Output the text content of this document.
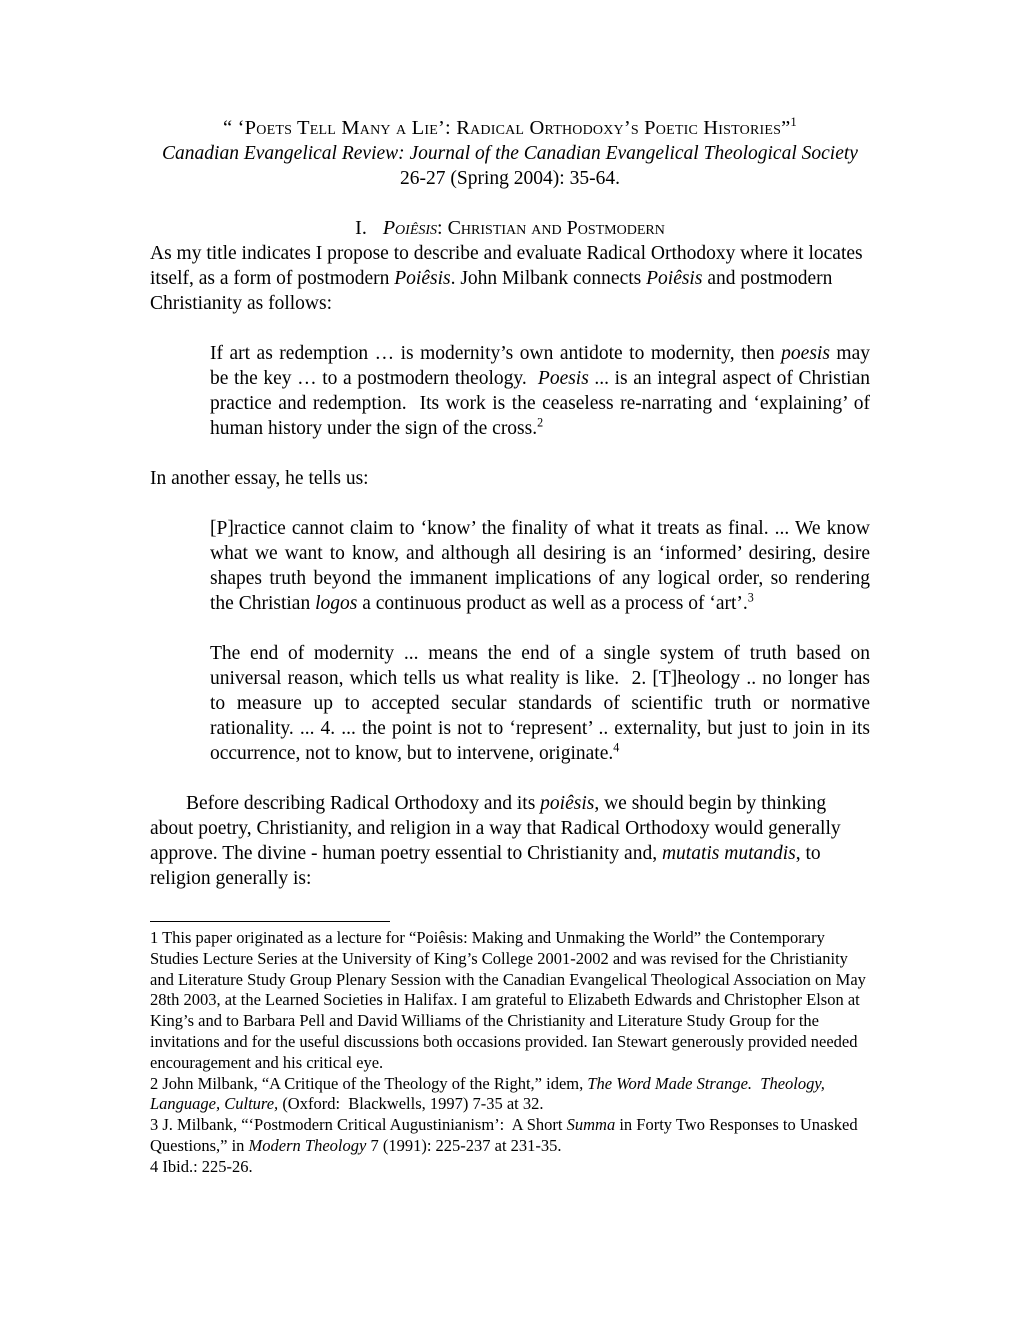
“ ‘Poets Tell Many a Lie’: Radical Orthodoxy’s Poetic Histories”$^1$
Canadian Evangelical Review: Journal of the Canadian Evangelical Theological Society 26-27 (Spring 2004): 35-64.
I. Poiêsis: Christian and Postmodern
As my title indicates I propose to describe and evaluate Radical Orthodoxy where it locates itself, as a form of postmodern Poiêsis. John Milbank connects Poiêsis and postmodern Christianity as follows:
If art as redemption … is modernity’s own antidote to modernity, then poesis may be the key … to a postmodern theology.  Poesis ... is an integral aspect of Christian practice and redemption.  Its work is the ceaseless re-narrating and ‘explaining’ of human history under the sign of the cross.$^2$
In another essay, he tells us:
[P]ractice cannot claim to ‘know’ the finality of what it treats as final. ... We know what we want to know, and although all desiring is an ‘informed’ desiring, desire shapes truth beyond the immanent implications of any logical order, so rendering the Christian logos a continuous product as well as a process of ‘art’.$^3$
The end of modernity ... means the end of a single system of truth based on universal reason, which tells us what reality is like.  2. [T]heology .. no longer has to measure up to accepted secular standards of scientific truth or normative rationality. ... 4. ... the point is not to ‘represent’ .. externality, but just to join in its occurrence, not to know, but to intervene, originate.$^4$
Before describing Radical Orthodoxy and its poiêsis, we should begin by thinking about poetry, Christianity, and religion in a way that Radical Orthodoxy would generally approve. The divine - human poetry essential to Christianity and, mutatis mutandis, to religion generally is:
1 This paper originated as a lecture for “Poiêsis: Making and Unmaking the World” the Contemporary Studies Lecture Series at the University of King’s College 2001-2002 and was revised for the Christianity and Literature Study Group Plenary Session with the Canadian Evangelical Theological Association on May 28th 2003, at the Learned Societies in Halifax. I am grateful to Elizabeth Edwards and Christopher Elson at King’s and to Barbara Pell and David Williams of the Christianity and Literature Study Group for the invitations and for the useful discussions both occasions provided. Ian Stewart generously provided needed encouragement and his critical eye.
2 John Milbank, “A Critique of the Theology of the Right,” idem, The Word Made Strange.  Theology, Language, Culture, (Oxford:  Blackwells, 1997) 7-35 at 32.
3 J. Milbank, “‘Postmodern Critical Augustinianism’:  A Short Summa in Forty Two Responses to Unasked Questions,” in Modern Theology 7 (1991): 225-237 at 231-35.
4 Ibid.: 225-26.
